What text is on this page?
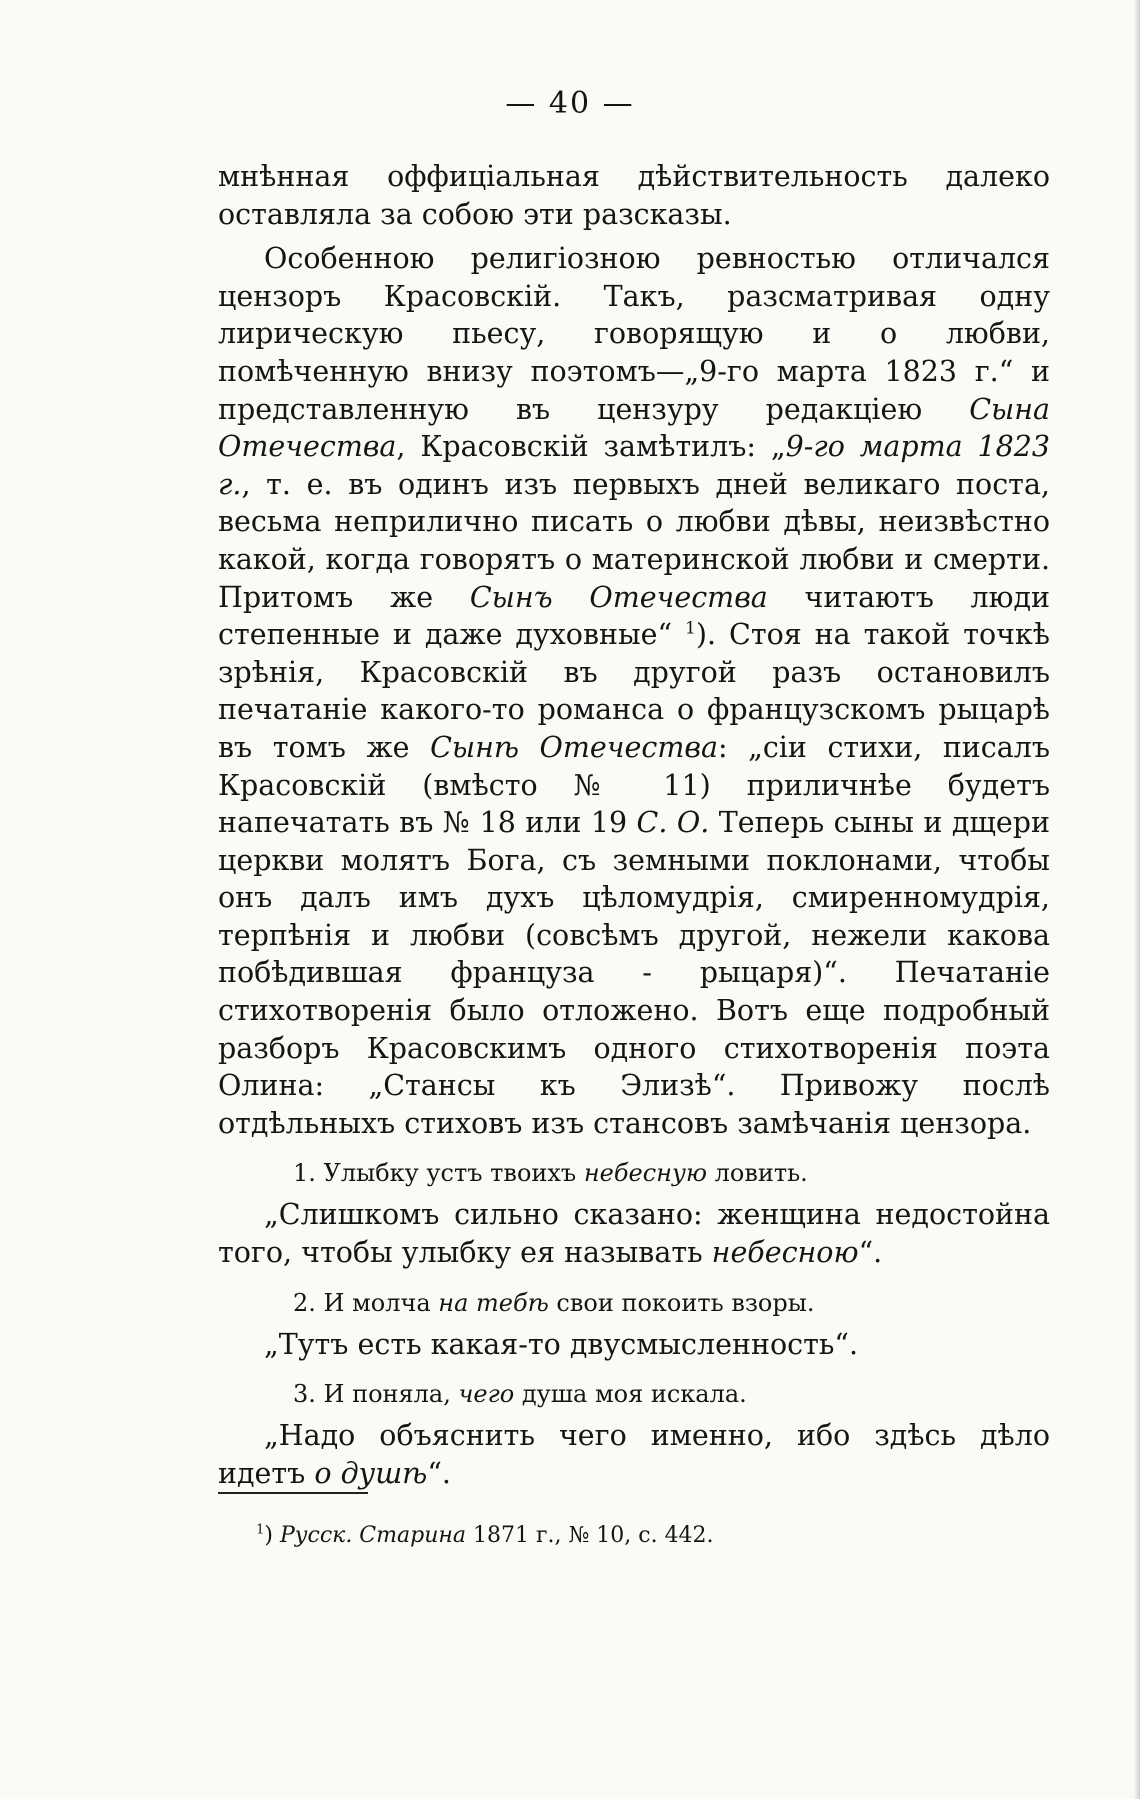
— 40 —

мнѣнная оффиціальная дѣйствительность далеко оставляла за собою эти разсказы.

Особенною религіозною ревностью отличался цензоръ Красовскій. Такъ, разсматривая одну лирическую пьесу, говорящую и о любви, помѣченную внизу поэтомъ—„9-го марта 1823 г.“ и представленную въ цензуру редакціею Сына Отечества, Красовскій замѣтилъ: „9-го марта 1823 г., т. е. въ одинъ изъ первыхъ дней великаго поста, весьма неприлично писать о любви дѣвы, неизвѣстно какой, когда говорятъ о материнской любви и смерти. Притомъ же Сынъ Отечества читаютъ люди степенные и даже духовные“ $^1$). Стоя на такой точкѣ зрѣнія, Красовскій въ другой разъ остановилъ печатаніе какого-то романса о французскомъ рыцарѣ въ томъ же Сынѣ Отечества: „сіи стихи, писалъ Красовскій (вмѣсто № 11) приличнѣе будетъ напечатать въ № 18 или 19 С. О. Теперь сыны и дщери церкви молятъ Бога, съ земными поклонами, чтобы онъ далъ имъ духъ цѣломудрія, смиренномудрія, терпѣнія и любви (совсѣмъ другой, нежели какова побѣдившая француза - рыцаря)“. Печатаніе стихотворенія было отложено. Вотъ еще подробный разборъ Красовскимъ одного стихотворенія поэта Олина: „Стансы къ Элизѣ“. Привожу послѣ отдѣльныхъ стиховъ изъ стансовъ замѣчанія цензора.

1. Улыбку устъ твоихъ небесную ловить.

„Слишкомъ сильно сказано: женщина недостойна того, чтобы улыбку ея называть небесною“.

2. И молча на тебѣ свои покоить взоры.

„Тутъ есть какая-то двусмысленность“.

3. И поняла, чего душа моя искала.

„Надо объяснить чего именно, ибо здѣсь дѣло идетъ о душѣ“.

$^1$) Русск. Старина 1871 г., № 10, с. 442.
